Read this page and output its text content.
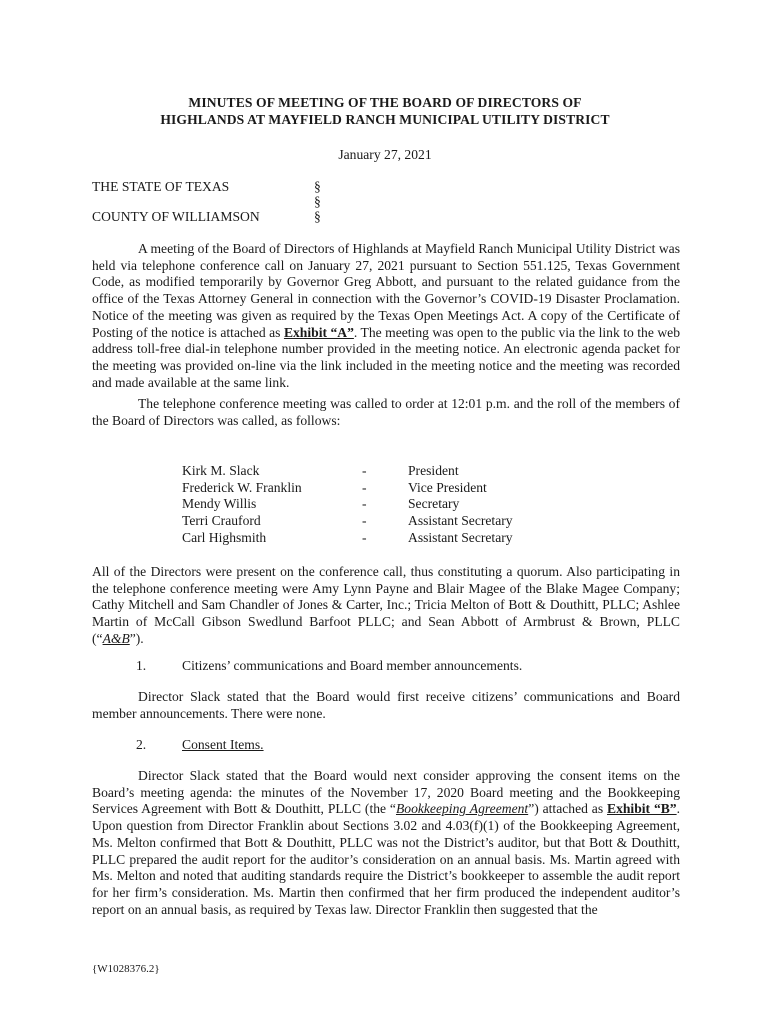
MINUTES OF MEETING OF THE BOARD OF DIRECTORS OF
HIGHLANDS AT MAYFIELD RANCH MUNICIPAL UTILITY DISTRICT
January 27, 2021
THE STATE OF TEXAS	§
§
COUNTY OF WILLIAMSON	§

A meeting of the Board of Directors of Highlands at Mayfield Ranch Municipal Utility District was held via telephone conference call on January 27, 2021 pursuant to Section 551.125, Texas Government Code, as modified temporarily by Governor Greg Abbott, and pursuant to the related guidance from the office of the Texas Attorney General in connection with the Governor’s COVID-19 Disaster Proclamation. Notice of the meeting was given as required by the Texas Open Meetings Act. A copy of the Certificate of Posting of the notice is attached as Exhibit “A”. The meeting was open to the public via the link to the web address toll-free dial-in telephone number provided in the meeting notice. An electronic agenda packet for the meeting was provided on-line via the link included in the meeting notice and the meeting was recorded and made available at the same link.

The telephone conference meeting was called to order at 12:01 p.m. and the roll of the members of the Board of Directors was called, as follows:

Kirk M. Slack	-	President
Frederick W. Franklin	-	Vice President
Mendy Willis	-	Secretary
Terri Crauford	-	Assistant Secretary
Carl Highsmith	-	Assistant Secretary

All of the Directors were present on the conference call, thus constituting a quorum. Also participating in the telephone conference meeting were Amy Lynn Payne and Blair Magee of the Blake Magee Company; Cathy Mitchell and Sam Chandler of Jones & Carter, Inc.; Tricia Melton of Bott & Douthitt, PLLC; Ashlee Martin of McCall Gibson Swedlund Barfoot PLLC; and Sean Abbott of Armbrust & Brown, PLLC (“A&B”).

1.	Citizens’ communications and Board member announcements.

Director Slack stated that the Board would first receive citizens’ communications and Board member announcements. There were none.

2.	Consent Items.

Director Slack stated that the Board would next consider approving the consent items on the Board’s meeting agenda: the minutes of the November 17, 2020 Board meeting and the Bookkeeping Services Agreement with Bott & Douthitt, PLLC (the “Bookkeeping Agreement”) attached as Exhibit “B”. Upon question from Director Franklin about Sections 3.02 and 4.03(f)(1) of the Bookkeeping Agreement, Ms. Melton confirmed that Bott & Douthitt, PLLC was not the District’s auditor, but that Bott & Douthitt, PLLC prepared the audit report for the auditor’s consideration on an annual basis. Ms. Martin agreed with Ms. Melton and noted that auditing standards require the District’s bookkeeper to assemble the audit report for her firm’s consideration. Ms. Martin then confirmed that her firm produced the independent auditor’s report on an annual basis, as required by Texas law. Director Franklin then suggested that the

{W1028376.2}
